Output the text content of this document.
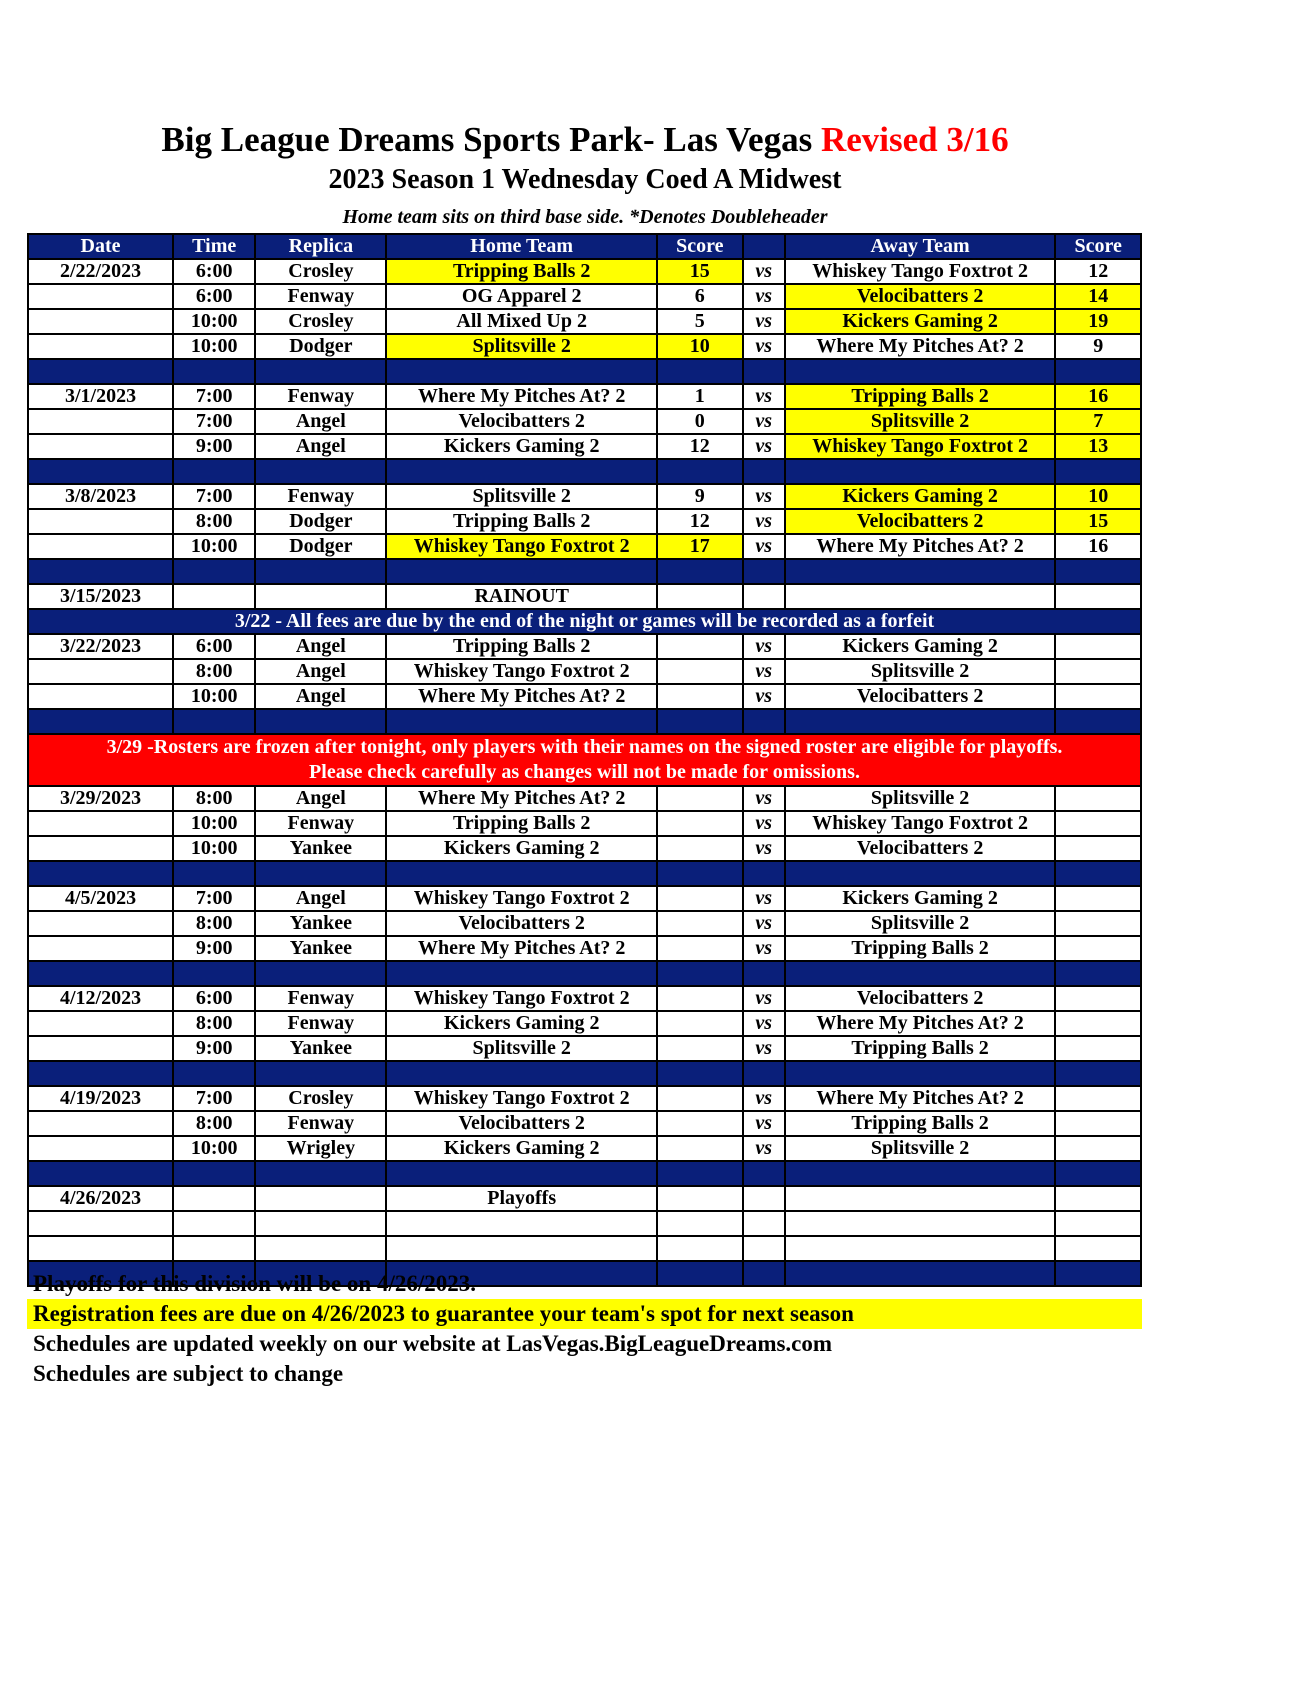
Big League Dreams Sports Park- Las Vegas Revised 3/16
2023 Season 1 Wednesday Coed A Midwest
Home team sits on third base side. *Denotes Doubleheader
Date	Time	Replica	Home Team	Score		Away Team	Score
2/22/2023	6:00	Crosley	Tripping Balls 2	15	vs	Whiskey Tango Foxtrot 2	12
	6:00	Fenway	OG Apparel 2	6	vs	Velocibatters 2	14
	10:00	Crosley	All Mixed Up 2	5	vs	Kickers Gaming 2	19
	10:00	Dodger	Splitsville 2	10	vs	Where My Pitches At? 2	9

3/1/2023	7:00	Fenway	Where My Pitches At? 2	1	vs	Tripping Balls 2	16
	7:00	Angel	Velocibatters 2	0	vs	Splitsville 2	7
	9:00	Angel	Kickers Gaming 2	12	vs	Whiskey Tango Foxtrot 2	13

3/8/2023	7:00	Fenway	Splitsville 2	9	vs	Kickers Gaming 2	10
	8:00	Dodger	Tripping Balls 2	12	vs	Velocibatters 2	15
	10:00	Dodger	Whiskey Tango Foxtrot 2	17	vs	Where My Pitches At? 2	16

3/15/2023			RAINOUT				
3/22 - All fees are due by the end of the night or games will be recorded as a forfeit							
3/22/2023	6:00	Angel	Tripping Balls 2		vs	Kickers Gaming 2	
	8:00	Angel	Whiskey Tango Foxtrot 2		vs	Splitsville 2	
	10:00	Angel	Where My Pitches At? 2		vs	Velocibatters 2	

3/29 -Rosters are frozen after tonight, only players with their names on the signed roster are eligible for playoffs.
Please check carefully as changes will not be made for omissions.							
3/29/2023	8:00	Angel	Where My Pitches At? 2		vs	Splitsville 2	
	10:00	Fenway	Tripping Balls 2		vs	Whiskey Tango Foxtrot 2	
	10:00	Yankee	Kickers Gaming 2		vs	Velocibatters 2	

4/5/2023	7:00	Angel	Whiskey Tango Foxtrot 2		vs	Kickers Gaming 2	
	8:00	Yankee	Velocibatters 2		vs	Splitsville 2	
	9:00	Yankee	Where My Pitches At? 2		vs	Tripping Balls 2	

4/12/2023	6:00	Fenway	Whiskey Tango Foxtrot 2		vs	Velocibatters 2	
	8:00	Fenway	Kickers Gaming 2		vs	Where My Pitches At? 2	
	9:00	Yankee	Splitsville 2		vs	Tripping Balls 2	

4/19/2023	7:00	Crosley	Whiskey Tango Foxtrot 2		vs	Where My Pitches At? 2	
	8:00	Fenway	Velocibatters 2		vs	Tripping Balls 2	
	10:00	Wrigley	Kickers Gaming 2		vs	Splitsville 2	

4/26/2023			Playoffs				

Playoffs for this division will be on 4/26/2023.
Registration fees are due on 4/26/2023 to guarantee your team's spot for next season
Schedules are updated weekly on our website at LasVegas.BigLeagueDreams.com
Schedules are subject to change
